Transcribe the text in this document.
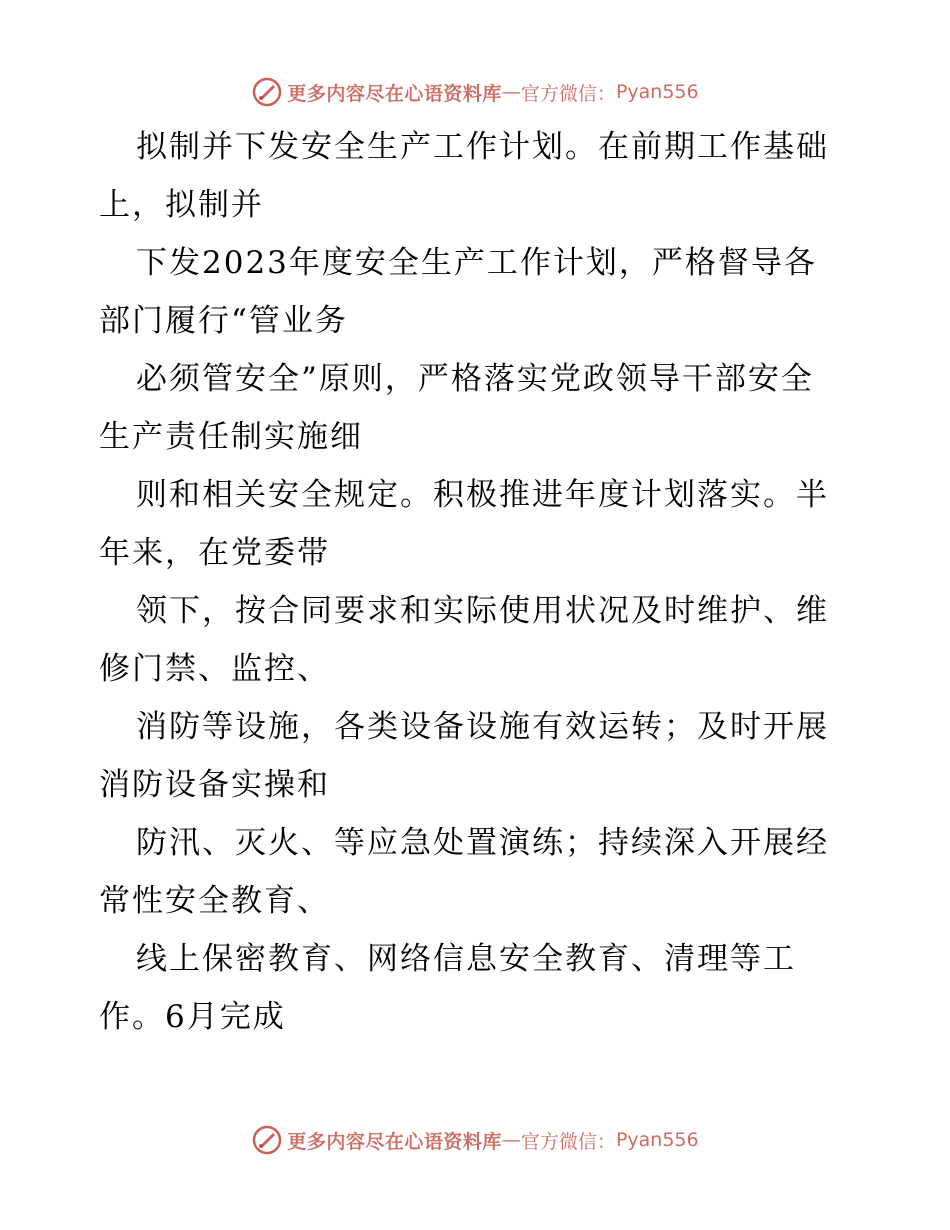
更多内容尽在心语资料库 — 官方微信： Pyan556
拟制并下发安全生产工作计划。在前期工作基础
上，拟制并
下发2023年度安全生产工作计划，严格督导各
部门履行“管业务
必须管安全”原则，严格落实党政领导干部安全
生产责任制实施细
则和相关安全规定。积极推进年度计划落实。半
年来，在党委带
领下，按合同要求和实际使用状况及时维护、维
修门禁、监控、
消防等设施，各类设备设施有效运转；及时开展
消防设备实操和
防汛、灭火、等应急处置演练；持续深入开展经
常性安全教育、
线上保密教育、网络信息安全教育、清理等工
作。6月完成
更多内容尽在心语资料库 — 官方微信： Pyan556
